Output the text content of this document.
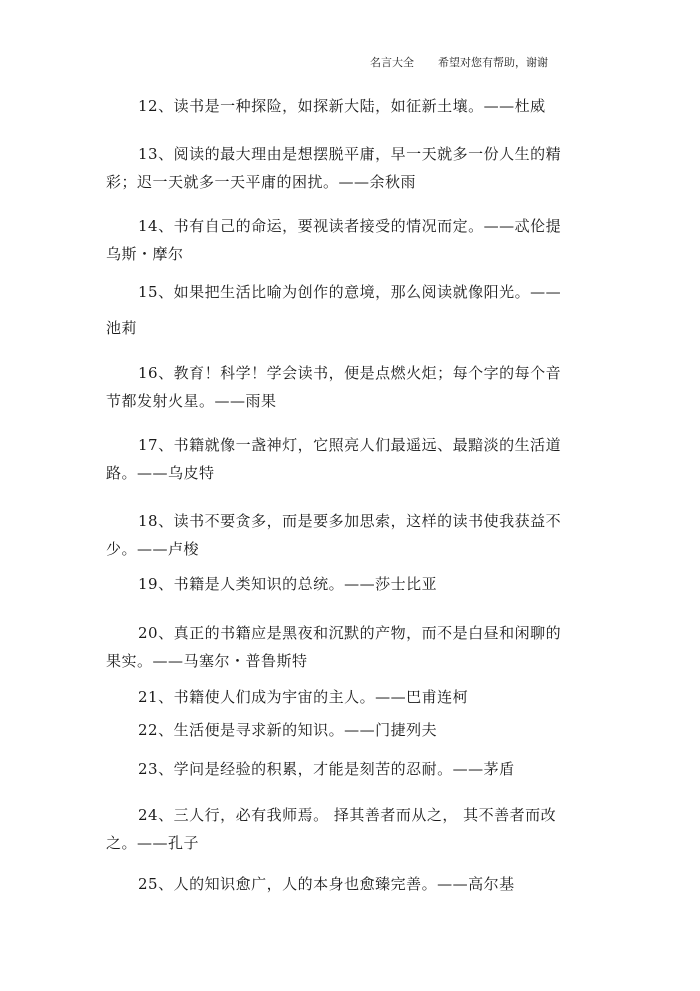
名言大全 希望对您有帮助，谢谢

12、读书是一种探险，如探新大陆，如征新土壤。——杜威

13、阅读的最大理由是想摆脱平庸，早一天就多一份人生的精
彩；迟一天就多一天平庸的困扰。——余秋雨

14、书有自己的命运，要视读者接受的情况而定。——忒伦提
乌斯・摩尔

15、如果把生活比喻为创作的意境，那么阅读就像阳光。——

池莉

16、教育！科学！学会读书，便是点燃火炬；每个字的每个音
节都发射火星。——雨果

17、书籍就像一盏神灯，它照亮人们最遥远、最黯淡的生活道
路。——乌皮特

18、读书不要贪多，而是要多加思索，这样的读书使我获益不
少。——卢梭

19、书籍是人类知识的总统。——莎士比亚

20、真正的书籍应是黑夜和沉默的产物，而不是白昼和闲聊的
果实。——马塞尔・普鲁斯特

21、书籍使人们成为宇宙的主人。——巴甫连柯

22、生活便是寻求新的知识。——门捷列夫

23、学问是经验的积累，才能是刻苦的忍耐。——茅盾

24、三人行，必有我师焉。 择其善者而从之， 其不善者而改
之。——孔子

25、人的知识愈广，人的本身也愈臻完善。——高尔基
